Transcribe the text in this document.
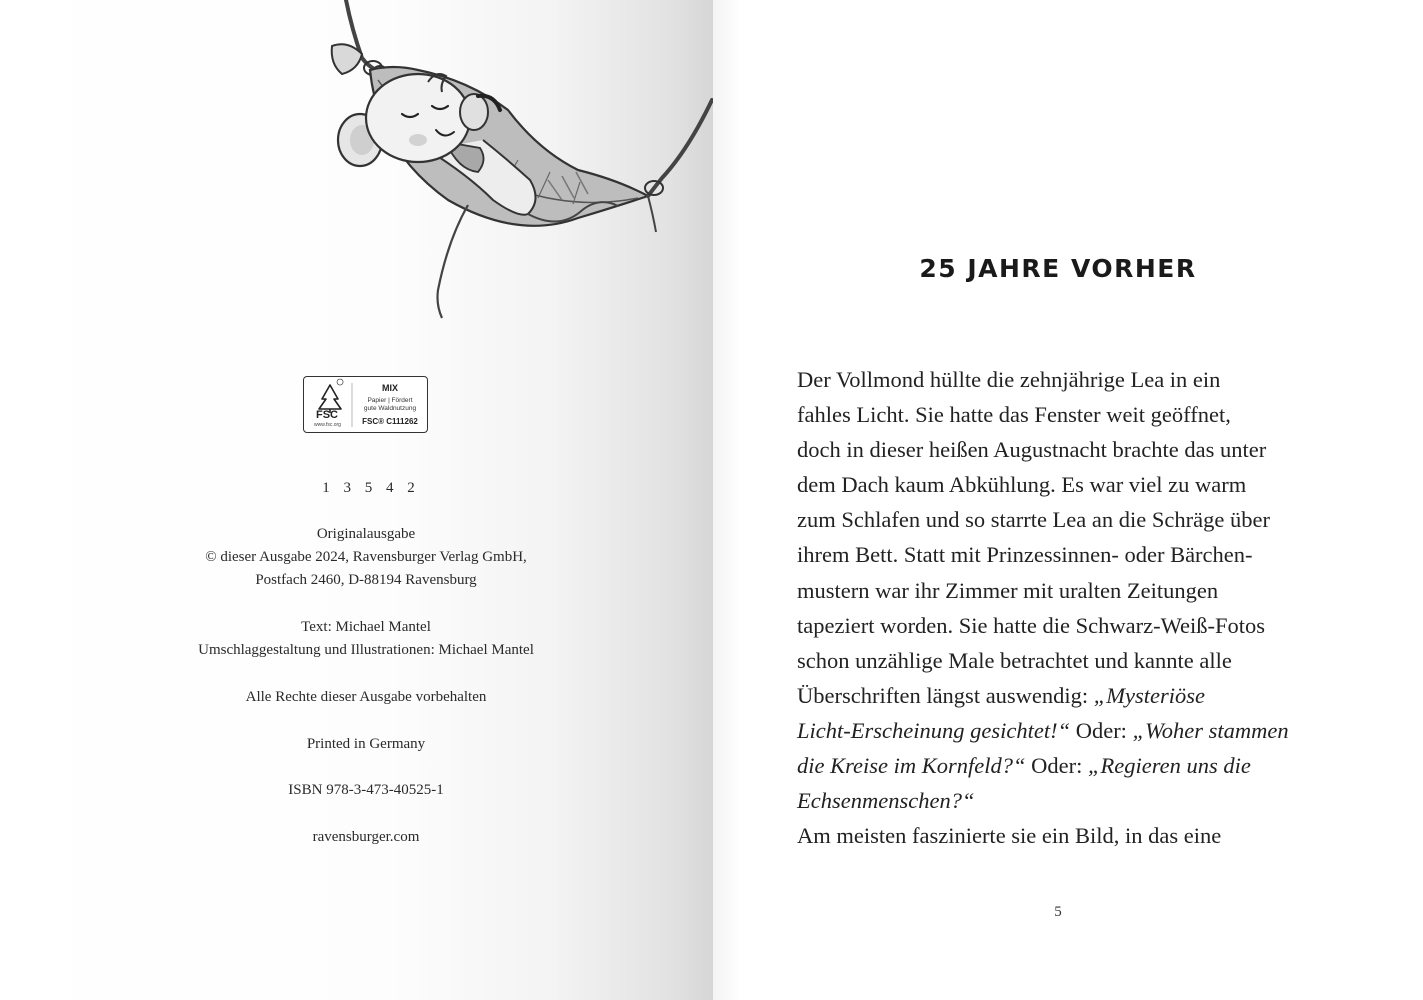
FSC
www.fsc.org
MIX
Papier | Fördert
gute Waldnutzung
FSC® C111262

1 3 5 4 2

Originalausgabe

© dieser Ausgabe 2024, Ravensburger Verlag GmbH,

Postfach 2460, D-88194 Ravensburg

Text: Michael Mantel

Umschlaggestaltung und Illustrationen: Michael Mantel

Alle Rechte dieser Ausgabe vorbehalten

Printed in Germany

ISBN 978-3-473-40525-1

ravensburger.com

25 JAHRE VORHER
Der Vollmond hüllte die zehnjährige Lea in ein
fahles Licht. Sie hatte das Fenster weit geöffnet,
doch in dieser heißen Augustnacht brachte das unter
dem Dach kaum Abkühlung. Es war viel zu warm
zum Schlafen und so starrte Lea an die Schräge über
ihrem Bett. Statt mit Prinzessinnen- oder Bärchen-
mustern war ihr Zimmer mit uralten Zeitungen
tapeziert worden. Sie hatte die Schwarz-Weiß-Fotos
schon unzählige Male betrachtet und kannte alle
Überschriften längst auswendig: „Mysteriöse
Licht-Erscheinung gesichtet!“ Oder: „Woher stammen
die Kreise im Kornfeld?“ Oder: „Regieren uns die
Echsenmenschen?“
Am meisten faszinierte sie ein Bild, in das eine

5
